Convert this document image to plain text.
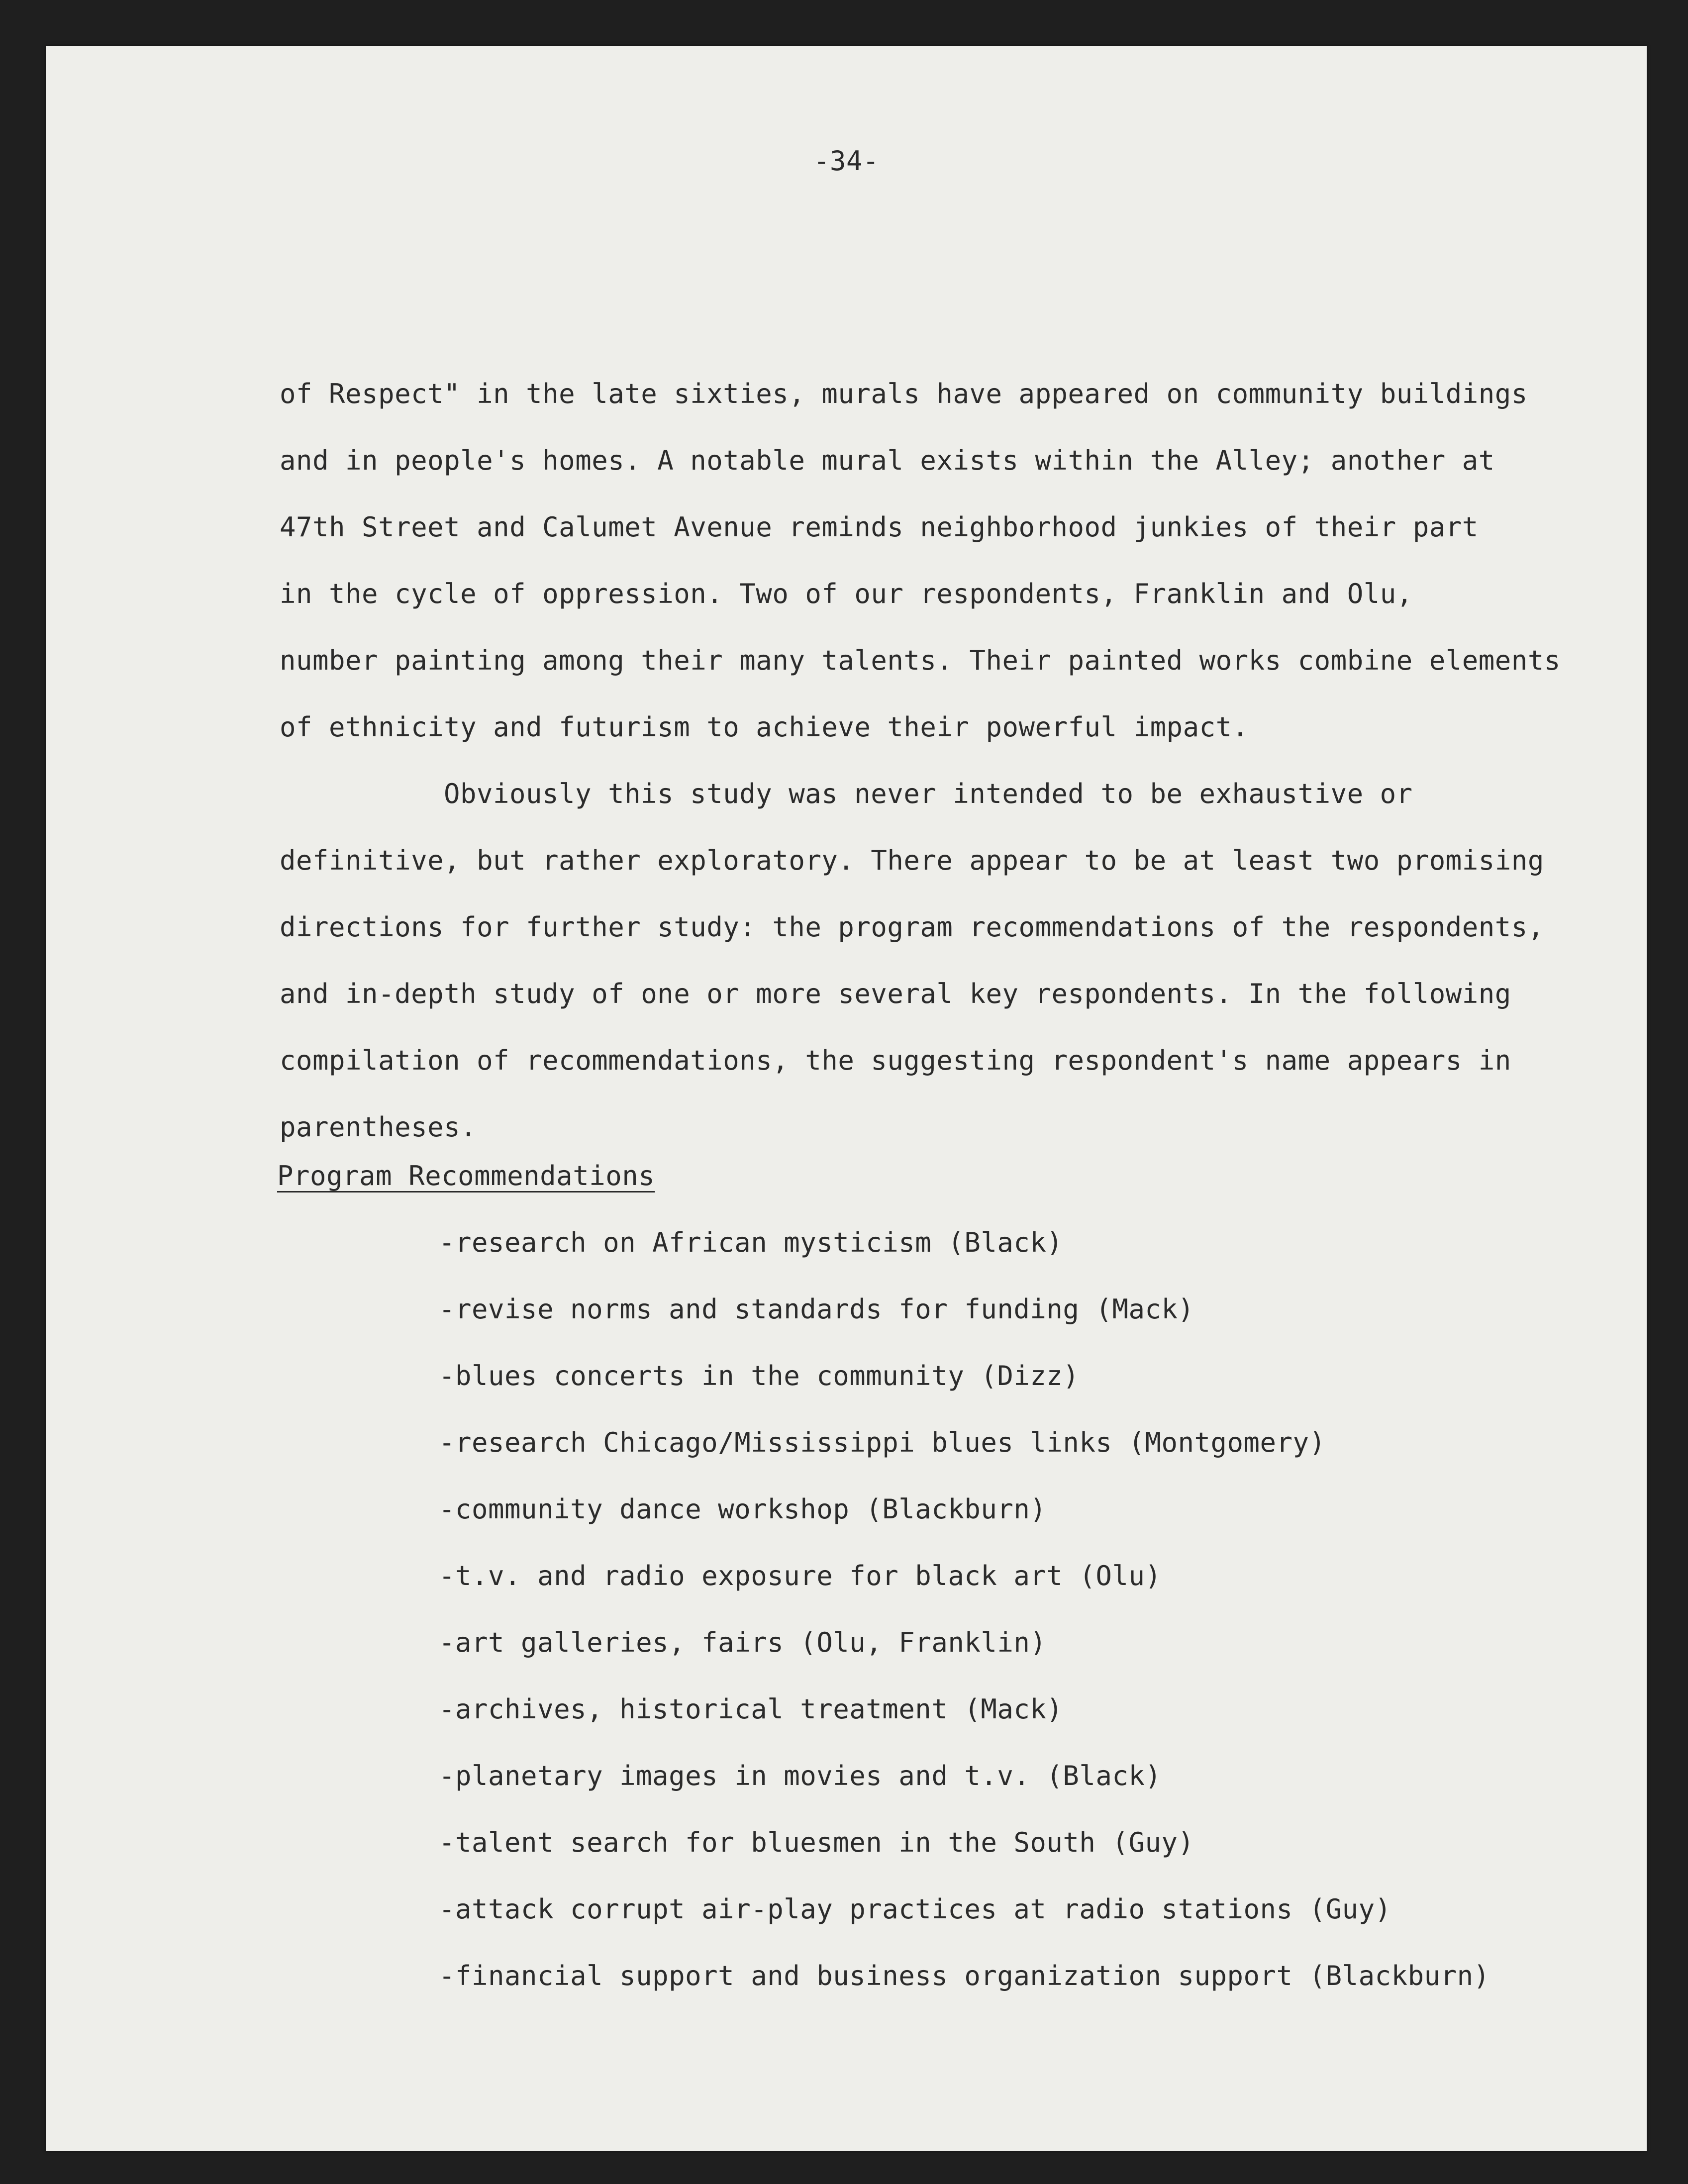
-34-
of Respect" in the late sixties, murals have appeared on community buildings
and in people's homes. A notable mural exists within the Alley; another at
47th Street and Calumet Avenue reminds neighborhood junkies of their part
in the cycle of oppression. Two of our respondents, Franklin and Olu,
number painting among their many talents. Their painted works combine elements
of ethnicity and futurism to achieve their powerful impact.
Obviously this study was never intended to be exhaustive or
definitive, but rather exploratory. There appear to be at least two promising
directions for further study: the program recommendations of the respondents,
and in-depth study of one or more several key respondents. In the following
compilation of recommendations, the suggesting respondent's name appears in
parentheses.
Program Recommendations
-research on African mysticism (Black)
-revise norms and standards for funding (Mack)
-blues concerts in the community (Dizz)
-research Chicago/Mississippi blues links (Montgomery)
-community dance workshop (Blackburn)
-t.v. and radio exposure for black art (Olu)
-art galleries, fairs (Olu, Franklin)
-archives, historical treatment (Mack)
-planetary images in movies and t.v. (Black)
-talent search for bluesmen in the South (Guy)
-attack corrupt air-play practices at radio stations (Guy)
-financial support and business organization support (Blackburn)
